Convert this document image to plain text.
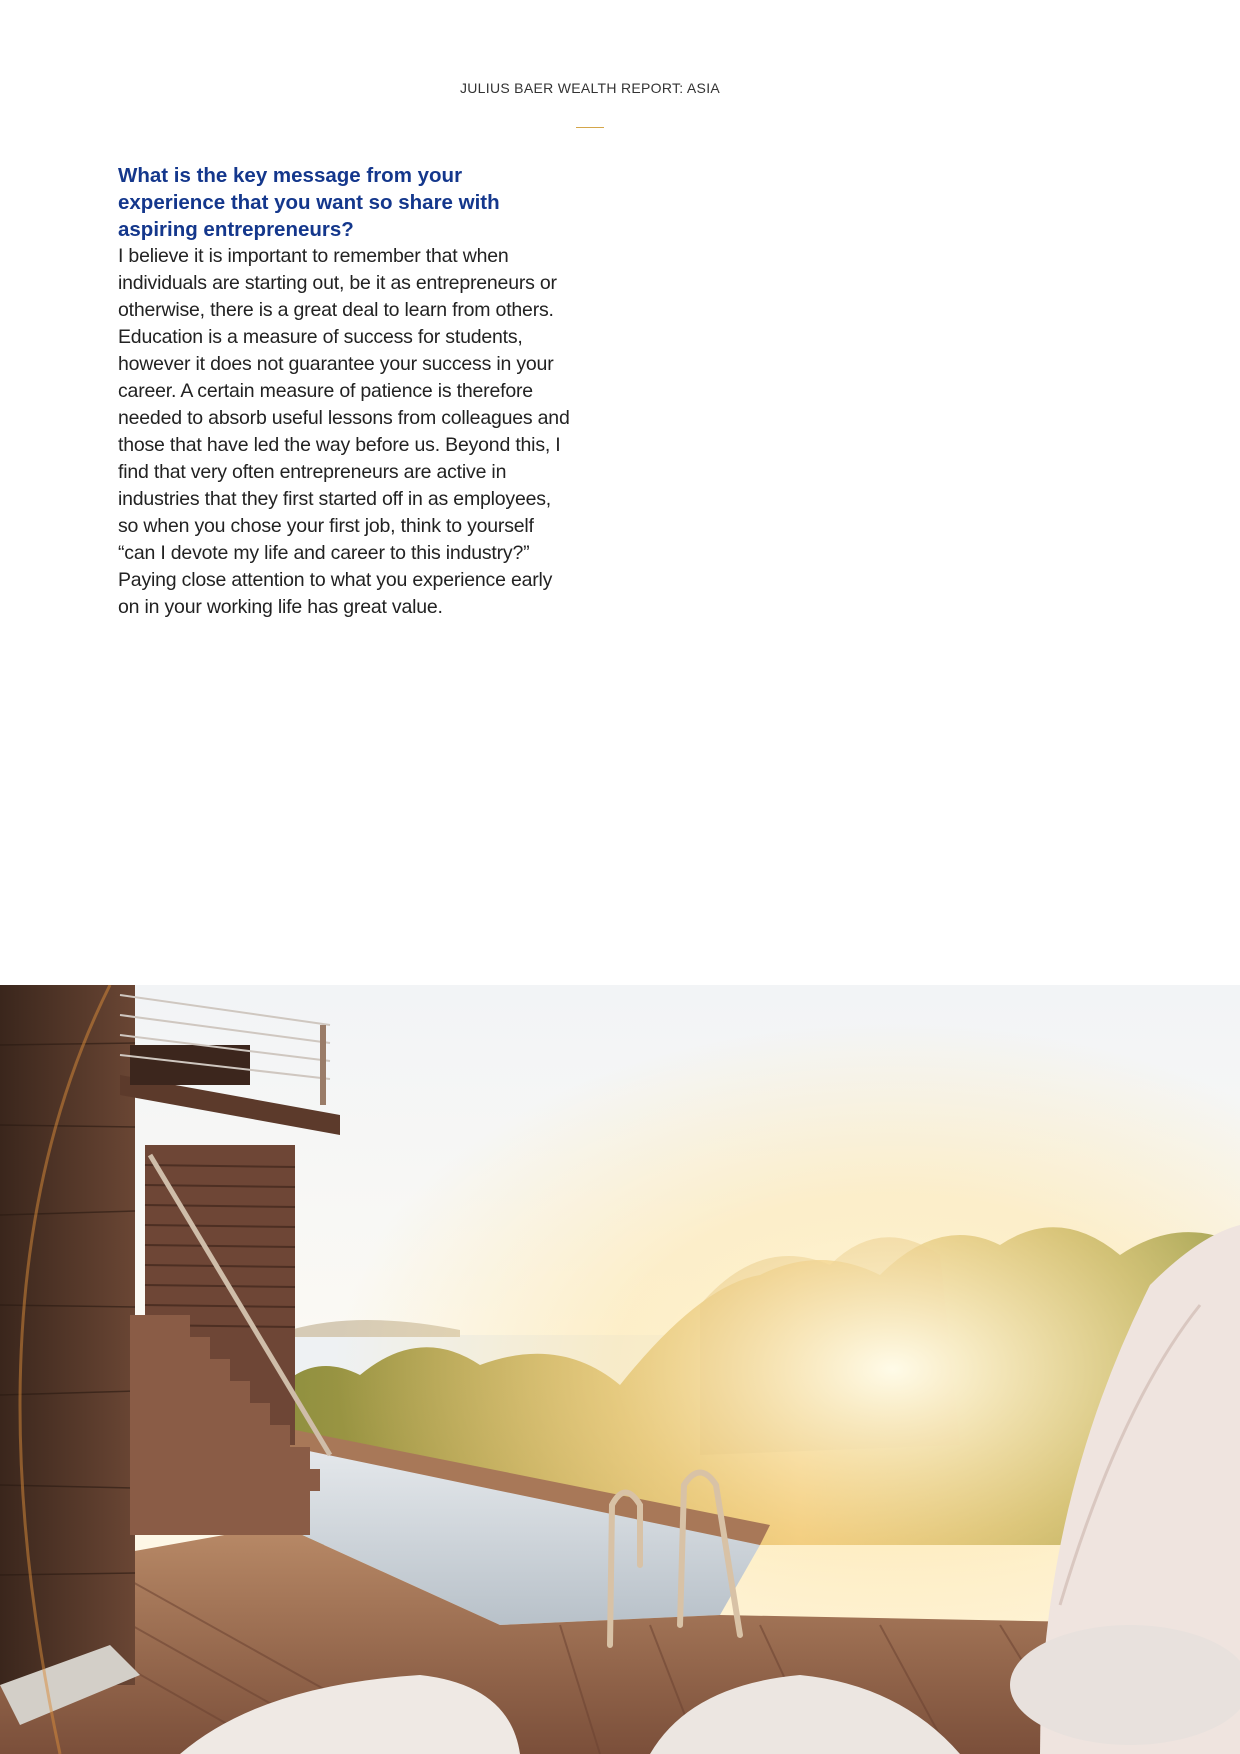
JULIUS BAER WEALTH REPORT: ASIA

What is the key message from your experience that you want so share with aspiring entrepreneurs?

I believe it is important to remember that when individuals are starting out, be it as entrepreneurs or otherwise, there is a great deal to learn from others. Education is a measure of success for students, however it does not guarantee your success in your career. A certain measure of patience is therefore needed to absorb useful lessons from colleagues and those that have led the way before us. Beyond this, I find that very often entrepreneurs are active in industries that they first started off in as employees, so when you chose your first job, think to yourself “can I devote my life and career to this industry?” Paying close attention to what you experience early on in your working life has great value.
